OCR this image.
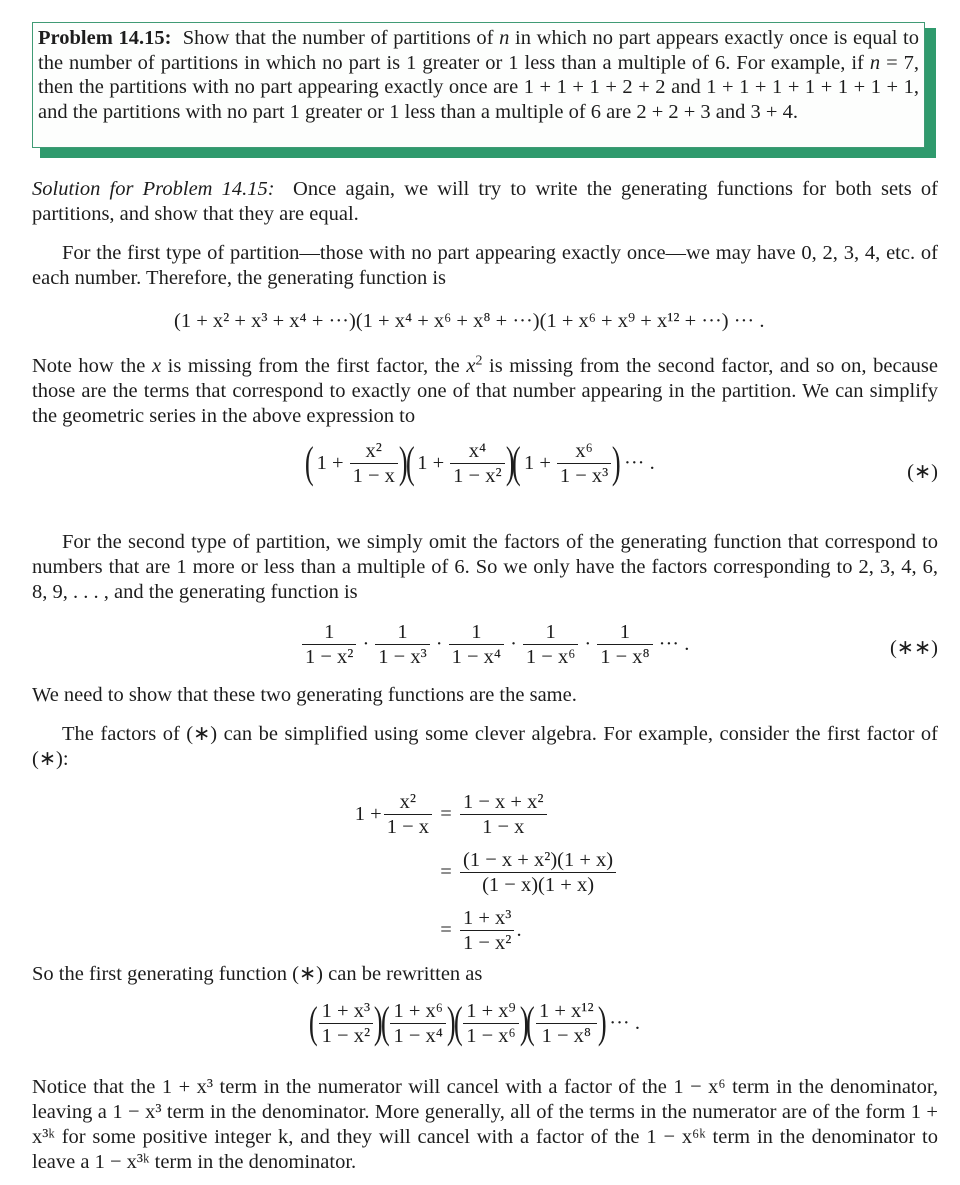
Problem 14.15: Show that the number of partitions of n in which no part appears exactly once is equal to the number of partitions in which no part is 1 greater or 1 less than a multiple of 6. For example, if n = 7, then the partitions with no part appearing exactly once are 1 + 1 + 1 + 2 + 2 and 1 + 1 + 1 + 1 + 1 + 1 + 1, and the partitions with no part 1 greater or 1 less than a multiple of 6 are 2 + 2 + 3 and 3 + 4.
Solution for Problem 14.15: Once again, we will try to write the generating functions for both sets of partitions, and show that they are equal.
For the first type of partition—those with no part appearing exactly once—we may have 0, 2, 3, 4, etc. of each number. Therefore, the generating function is
(1 + x² + x³ + x⁴ + ···)(1 + x⁴ + x⁶ + x⁸ + ···)(1 + x⁶ + x⁹ + x¹² + ···) ··· .
Note how the x is missing from the first factor, the $x^2$ is missing from the second factor, and so on, because those are the terms that correspond to exactly one of that number appearing in the partition. We can simplify the geometric series in the above expression to
( $1 + \frac{\text{x²}}{1 - x}$ )
( $1 + \frac{\text{x⁴}}{\text{1 − x²}}$ )
( $1 + \frac{\text{x⁶}}{\text{1 − x³}}$ ) ··· .	(∗)
For the second type of partition, we simply omit the factors of the generating function that correspond to numbers that are 1 more or less than a multiple of 6. So we only have the factors corresponding to 2, 3, 4, 6, 8, 9, . . . , and the generating function is
$\frac{1}{\text{1 − x²}} \cdot \frac{1}{\text{1 − x³}} \cdot \frac{1}{\text{1 − x⁴}} \cdot \frac{1}{\text{1 − x⁶}} \cdot \frac{1}{\text{1 − x⁸}}$ ··· .	(∗∗)
We need to show that these two generating functions are the same.
The factors of (∗) can be simplified using some clever algebra. For example, consider the first factor of (∗):
$1 + \frac{\text{x²}}{1 - x} = \frac{\text{1 − x + x²}}{1 - x}$
= $\frac{\text{(1 − x + x²)(1 + x)}}{(1 - x)(1 + x)}$
= $\frac{\text{1 + x³}}{\text{1 − x²}}$ .
So the first generating function (∗) can be rewritten as
( $\frac{\text{1 + x³}}{\text{1 − x²}}$ )
( $\frac{\text{1 + x⁶}}{\text{1 − x⁴}}$ )
( $\frac{\text{1 + x⁹}}{\text{1 − x⁶}}$ )
( $\frac{\text{1 + x¹²}}{\text{1 − x⁸}}$ ) ··· .
Notice that the 1 + x³ term in the numerator will cancel with a factor of the 1 − x⁶ term in the denominator, leaving a 1 − x³ term in the denominator. More generally, all of the terms in the numerator are of the form 1 + x³ᵏ for some positive integer k, and they will cancel with a factor of the 1 − x⁶ᵏ term in the denominator to leave a 1 − x³ᵏ term in the denominator.
